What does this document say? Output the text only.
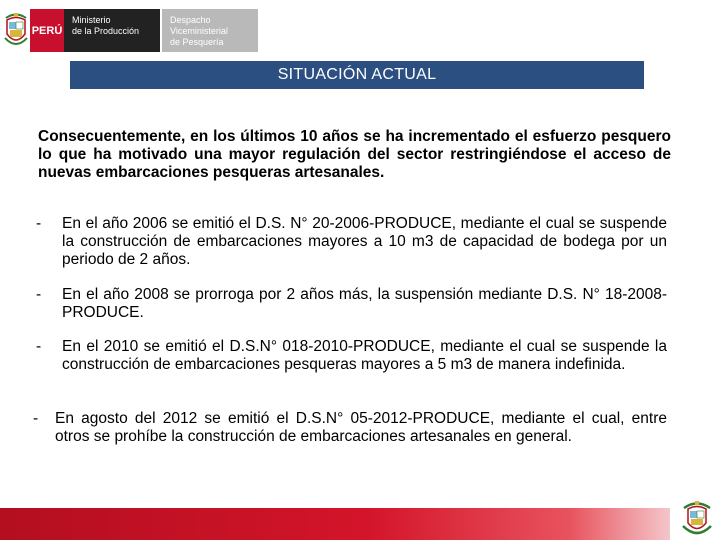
PERÚ
Ministerio
de la Producción
Despacho Viceministerial
de Pesquería
SITUACIÓN ACTUAL
Consecuentemente, en los últimos 10 años se ha incrementado el esfuerzo pesquero lo que ha motivado una mayor regulación del sector restringiéndose el acceso de nuevas embarcaciones pesqueras artesanales.
-	En el año 2006 se emitió el D.S. N° 20-2006-PRODUCE, mediante el cual se suspende la construcción de embarcaciones mayores a 10 m3 de capacidad de bodega por un periodo de 2 años.
-	En el año 2008 se prorroga por 2 años más, la suspensión mediante D.S. N° 18-2008-PRODUCE.
-	En el 2010 se emitió el D.S.N° 018-2010-PRODUCE, mediante el cual se suspende la construcción de embarcaciones pesqueras mayores a 5 m3 de manera indefinida.
-	En agosto del 2012 se emitió el D.S.N° 05-2012-PRODUCE, mediante el cual, entre otros se prohíbe la construcción de embarcaciones artesanales en general.
